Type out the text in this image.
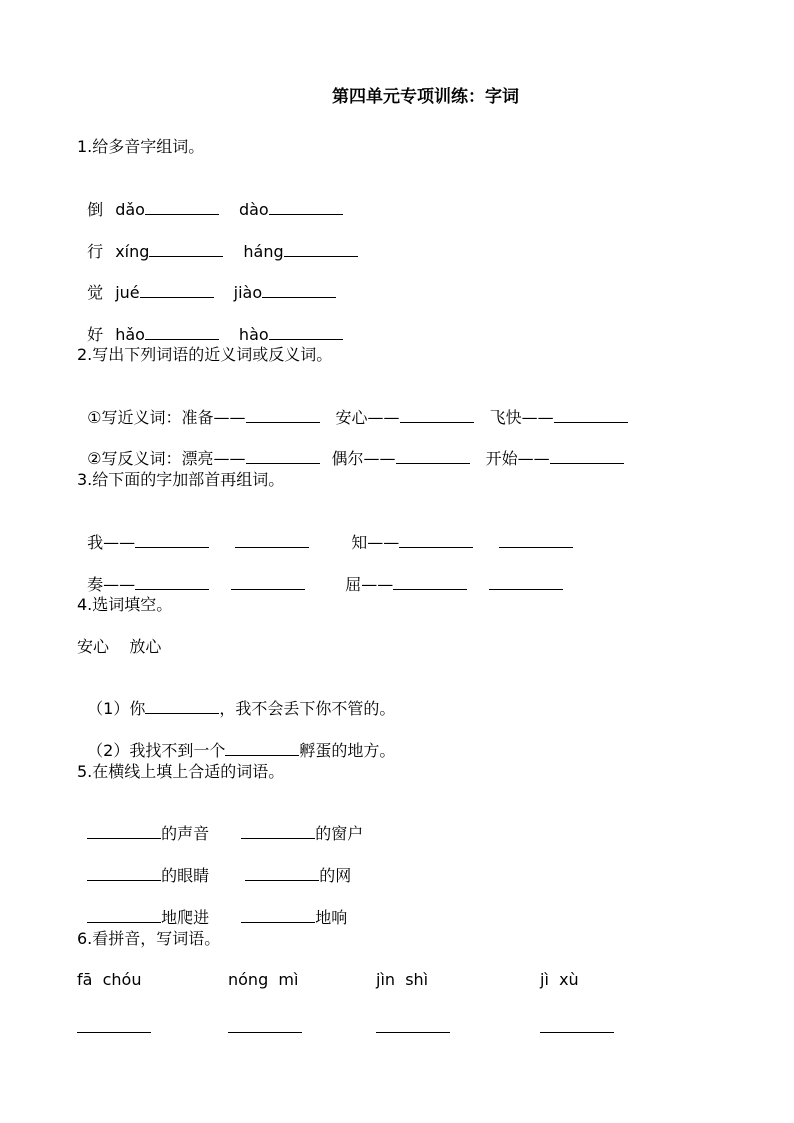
第四单元专项训练：字词
1.给多音字组词。

倒 dǎo	dào

行 xíng	háng

觉 jué	jiào

好 hǎo	hào

2.写出下列词语的近义词或反义词。

①写近义词：准备——	安心——	飞快——

②写反义词：漂亮——	偶尔——	开始——

3.给下面的字加部首再组词。

我——	知——

奏——	屈——

4.选词填空。
安心    放心

（1）你	，我不会丢下你不管的。

（2）我找不到一个	孵蛋的地方。

5.在横线上填上合适的词语。

的声音	的窗户

的眼睛	的网

地爬进	地响

6.看拼音，写词语。
fā  chóu	nóng  mì	jìn  shì	jì  xù
